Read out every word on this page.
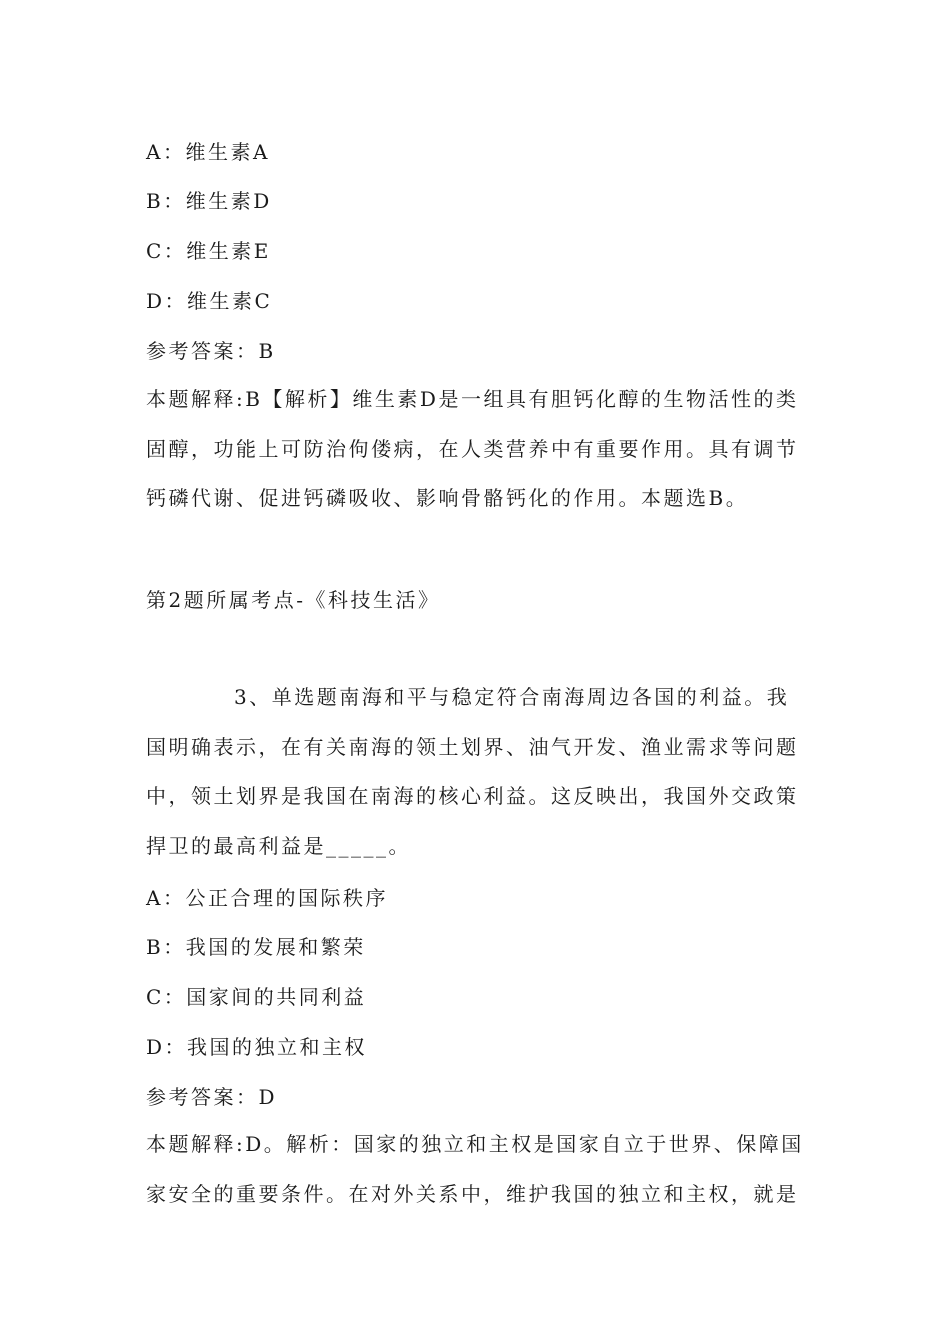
A：维生素A
B：维生素D
C：维生素E
D：维生素C
参考答案：B
本题解释:B【解析】维生素D是一组具有胆钙化醇的生物活性的类固醇，功能上可防治佝偻病，在人类营养中有重要作用。具有调节钙磷代谢、促进钙磷吸收、影响骨骼钙化的作用。本题选B。
第2题所属考点-《科技生活》
3、单选题南海和平与稳定符合南海周边各国的利益。我国明确表示，在有关南海的领土划界、油气开发、渔业需求等问题中，领土划界是我国在南海的核心利益。这反映出，我国外交政策捍卫的最高利益是_____。
A：公正合理的国际秩序
B：我国的发展和繁荣
C：国家间的共同利益
D：我国的独立和主权
参考答案：D
本题解释:D。解析：国家的独立和主权是国家自立于世界、保障国家安全的重要条件。在对外关系中，维护我国的独立和主权，就是
